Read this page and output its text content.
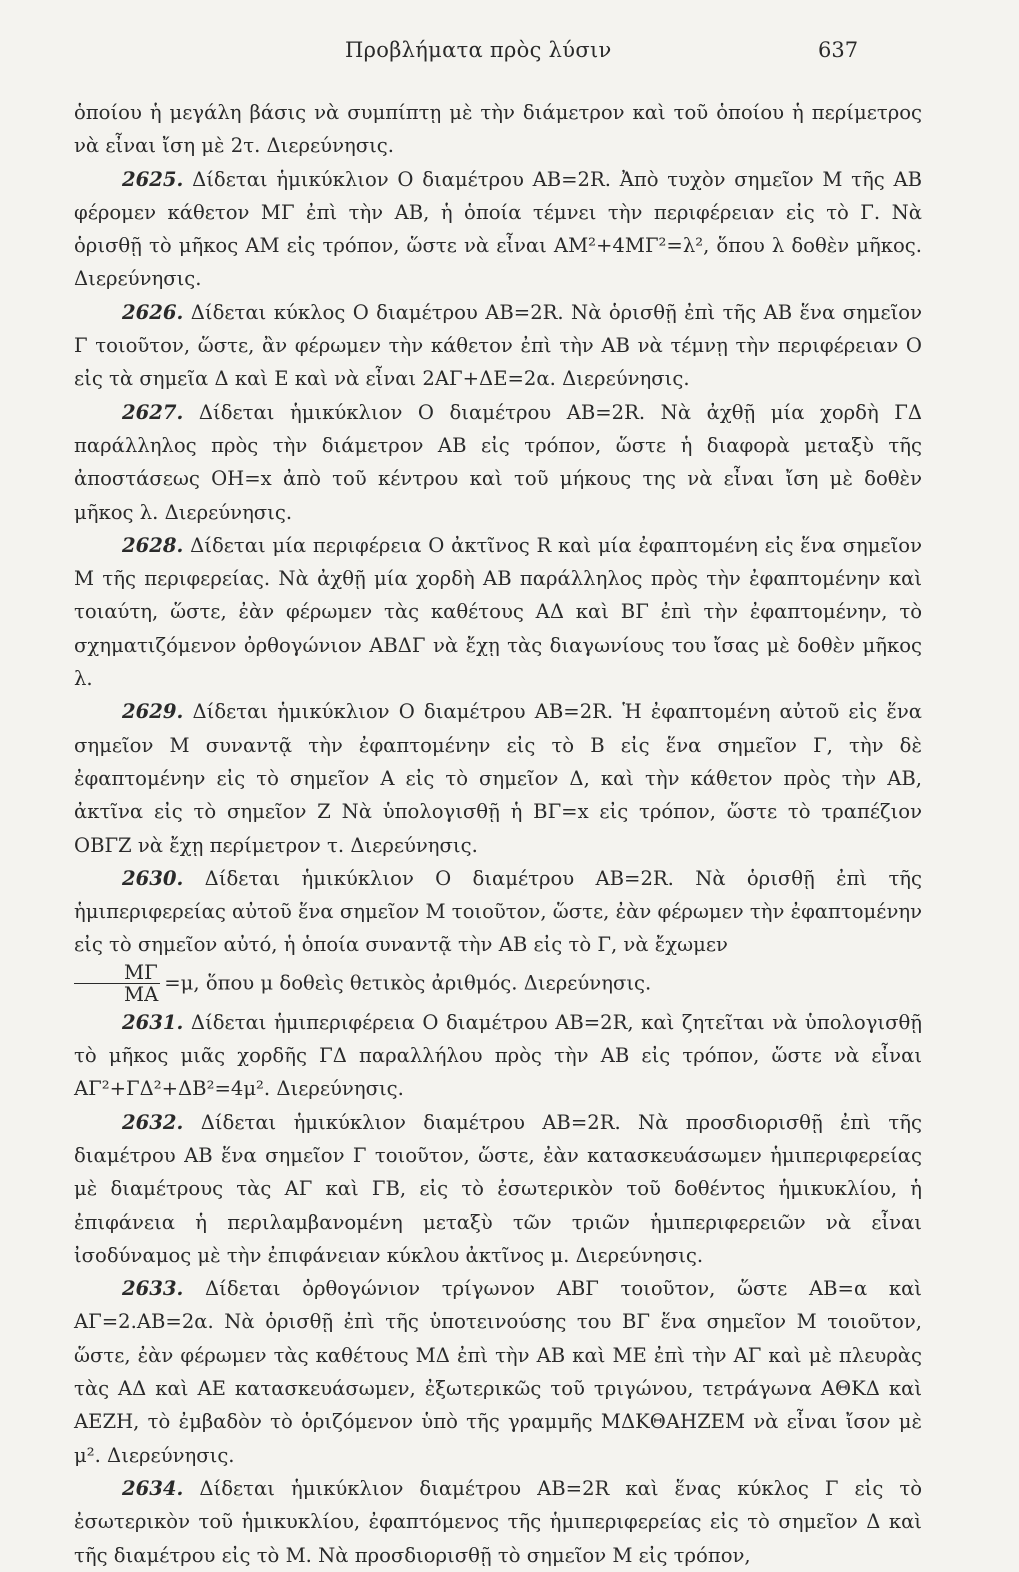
Προβλήματα πρὸς λύσιν	637

ὁποίου ἡ μεγάλη βάσις νὰ συμπίπτῃ μὲ τὴν διάμετρον καὶ τοῦ ὁποίου ἡ περίμετρος νὰ εἶναι ἴση μὲ 2τ. Διερεύνησις.

2625. Δίδεται ἡμικύκλιον Ο διαμέτρου ΑΒ=2R. Ἀπὸ τυχὸν σημεῖον Μ τῆς ΑΒ φέρομεν κάθετον ΜΓ ἐπὶ τὴν ΑΒ, ἡ ὁποία τέμνει τὴν περιφέρειαν εἰς τὸ Γ. Νὰ ὁρισθῇ τὸ μῆκος ΑΜ εἰς τρόπον, ὥστε νὰ εἶναι ΑΜ²+4ΜΓ²=λ², ὅπου λ δοθὲν μῆκος. Διερεύνησις.

2626. Δίδεται κύκλος Ο διαμέτρου ΑΒ=2R. Νὰ ὁρισθῇ ἐπὶ τῆς ΑΒ ἕνα σημεῖον Γ τοιοῦτον, ὥστε, ἂν φέρωμεν τὴν κάθετον ἐπὶ τὴν ΑΒ νὰ τέμνῃ τὴν περιφέρειαν Ο εἰς τὰ σημεῖα Δ καὶ Ε καὶ νὰ εἶναι 2ΑΓ+ΔΕ=2α. Διερεύνησις.

2627. Δίδεται ἡμικύκλιον Ο διαμέτρου ΑΒ=2R. Νὰ ἀχθῇ μία χορδὴ ΓΔ παράλληλος πρὸς τὴν διάμετρον ΑΒ εἰς τρόπον, ὥστε ἡ διαφορὰ μεταξὺ τῆς ἀποστάσεως ΟΗ=x ἀπὸ τοῦ κέντρου καὶ τοῦ μήκους της νὰ εἶναι ἴση μὲ δοθὲν μῆκος λ. Διερεύνησις.

2628. Δίδεται μία περιφέρεια Ο ἀκτῖνος R καὶ μία ἐφαπτομένη εἰς ἕνα σημεῖον Μ τῆς περιφερείας. Νὰ ἀχθῇ μία χορδὴ ΑΒ παράλληλος πρὸς τὴν ἐφαπτομένην καὶ τοιαύτη, ὥστε, ἐὰν φέρωμεν τὰς καθέτους ΑΔ καὶ ΒΓ ἐπὶ τὴν ἐφαπτομένην, τὸ σχηματιζόμενον ὀρθογώνιον ΑΒΔΓ νὰ ἔχῃ τὰς διαγωνίους του ἴσας μὲ δοθὲν μῆκος λ.

2629. Δίδεται ἡμικύκλιον Ο διαμέτρου ΑΒ=2R. Ἡ ἐφαπτομένη αὐτοῦ εἰς ἕνα σημεῖον Μ συναντᾷ τὴν ἐφαπτομένην εἰς τὸ Β εἰς ἕνα σημεῖον Γ, τὴν δὲ ἐφαπτομένην εἰς τὸ σημεῖον Α εἰς τὸ σημεῖον Δ, καὶ τὴν κάθετον πρὸς τὴν ΑΒ, ἀκτῖνα εἰς τὸ σημεῖον Ζ Νὰ ὑπολογισθῇ ἡ ΒΓ=x εἰς τρόπον, ὥστε τὸ τραπέζιον ΟΒΓΖ νὰ ἔχῃ περίμετρον τ. Διερεύνησις.

2630. Δίδεται ἡμικύκλιον Ο διαμέτρου ΑΒ=2R. Νὰ ὁρισθῇ ἐπὶ τῆς ἡμιπεριφερείας αὐτοῦ ἕνα σημεῖον Μ τοιοῦτον, ὥστε, ἐὰν φέρωμεν τὴν ἐφαπτομένην εἰς τὸ σημεῖον αὐτό, ἡ ὁποία συναντᾷ τὴν ΑΒ εἰς τὸ Γ, νὰ ἔχωμεν

$\frac{M\Gamma}{MA} =\mu$, ὅπου μ δοθεὶς θετικὸς ἀριθμός. Διερεύνησις.

2631. Δίδεται ἡμιπεριφέρεια Ο διαμέτρου ΑΒ=2R, καὶ ζητεῖται νὰ ὑπολογισθῇ τὸ μῆκος μιᾶς χορδῆς ΓΔ παραλλήλου πρὸς τὴν ΑΒ εἰς τρόπον, ὥστε νὰ εἶναι ΑΓ²+ΓΔ²+ΔΒ²=4μ². Διερεύνησις.

2632. Δίδεται ἡμικύκλιον διαμέτρου ΑΒ=2R. Νὰ προσδιορισθῇ ἐπὶ τῆς διαμέτρου ΑΒ ἕνα σημεῖον Γ τοιοῦτον, ὥστε, ἐὰν κατασκευάσωμεν ἡμιπεριφερείας μὲ διαμέτρους τὰς ΑΓ καὶ ΓΒ, εἰς τὸ ἐσωτερικὸν τοῦ δοθέντος ἡμικυκλίου, ἡ ἐπιφάνεια ἡ περιλαμβανομένη μεταξὺ τῶν τριῶν ἡμιπεριφερειῶν νὰ εἶναι ἰσοδύναμος μὲ τὴν ἐπιφάνειαν κύκλου ἀκτῖνος μ. Διερεύνησις.

2633. Δίδεται ὀρθογώνιον τρίγωνον ΑΒΓ τοιοῦτον, ὥστε ΑΒ=α καὶ ΑΓ=2.ΑΒ=2α. Νὰ ὁρισθῇ ἐπὶ τῆς ὑποτεινούσης του ΒΓ ἕνα σημεῖον Μ τοιοῦτον, ὥστε, ἐὰν φέρωμεν τὰς καθέτους ΜΔ ἐπὶ τὴν ΑΒ καὶ ΜΕ ἐπὶ τὴν ΑΓ καὶ μὲ πλευρὰς τὰς ΑΔ καὶ ΑΕ κατασκευάσωμεν, ἐξωτερικῶς τοῦ τριγώνου, τετράγωνα ΑΘΚΔ καὶ ΑΕΖΗ, τὸ ἐμβαδὸν τὸ ὁριζόμενον ὑπὸ τῆς γραμμῆς ΜΔΚΘΑΗΖΕΜ νὰ εἶναι ἴσον μὲ μ². Διερεύνησις.

2634. Δίδεται ἡμικύκλιον διαμέτρου ΑΒ=2R καὶ ἕνας κύκλος Γ εἰς τὸ ἐσωτερικὸν τοῦ ἡμικυκλίου, ἐφαπτόμενος τῆς ἡμιπεριφερείας εἰς τὸ σημεῖον Δ καὶ τῆς διαμέτρου εἰς τὸ Μ. Νὰ προσδιορισθῇ τὸ σημεῖον Μ εἰς τρόπον,
